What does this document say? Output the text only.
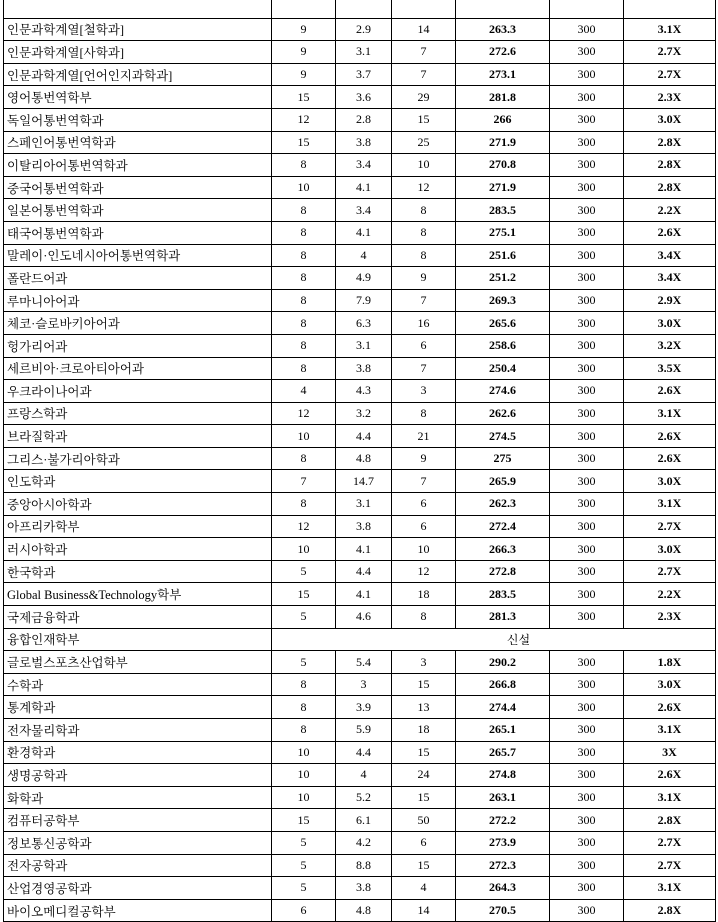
인문과학계열[철학과]	9	2.9	14	263.3	300	3.1X
인문과학계열[사학과]	9	3.1	7	272.6	300	2.7X
인문과학계열[언어인지과학과]	9	3.7	7	273.1	300	2.7X
영어통번역학부	15	3.6	29	281.8	300	2.3X
독일어통번역학과	12	2.8	15	266	300	3.0X
스페인어통번역학과	15	3.8	25	271.9	300	2.8X
이탈리아어통번역학과	8	3.4	10	270.8	300	2.8X
중국어통번역학과	10	4.1	12	271.9	300	2.8X
일본어통번역학과	8	3.4	8	283.5	300	2.2X
태국어통번역학과	8	4.1	8	275.1	300	2.6X
말레이·인도네시아어통번역학과	8	4	8	251.6	300	3.4X
폴란드어과	8	4.9	9	251.2	300	3.4X
루마니아어과	8	7.9	7	269.3	300	2.9X
체코·슬로바키아어과	8	6.3	16	265.6	300	3.0X
헝가리어과	8	3.1	6	258.6	300	3.2X
세르비아·크로아티아어과	8	3.8	7	250.4	300	3.5X
우크라이나어과	4	4.3	3	274.6	300	2.6X
프랑스학과	12	3.2	8	262.6	300	3.1X
브라질학과	10	4.4	21	274.5	300	2.6X
그리스·불가리아학과	8	4.8	9	275	300	2.6X
인도학과	7	14.7	7	265.9	300	3.0X
중앙아시아학과	8	3.1	6	262.3	300	3.1X
아프리카학부	12	3.8	6	272.4	300	2.7X
러시아학과	10	4.1	10	266.3	300	3.0X
한국학과	5	4.4	12	272.8	300	2.7X
Global Business&Technology학부	15	4.1	18	283.5	300	2.2X
국제금융학과	5	4.6	8	281.3	300	2.3X
융합인재학부	신설					
글로벌스포츠산업학부	5	5.4	3	290.2	300	1.8X
수학과	8	3	15	266.8	300	3.0X
통계학과	8	3.9	13	274.4	300	2.6X
전자물리학과	8	5.9	18	265.1	300	3.1X
환경학과	10	4.4	15	265.7	300	3X
생명공학과	10	4	24	274.8	300	2.6X
화학과	10	5.2	15	263.1	300	3.1X
컴퓨터공학부	15	6.1	50	272.2	300	2.8X
정보통신공학과	5	4.2	6	273.9	300	2.7X
전자공학과	5	8.8	15	272.3	300	2.7X
산업경영공학과	5	3.8	4	264.3	300	3.1X
바이오메디컬공학부	6	4.8	14	270.5	300	2.8X
